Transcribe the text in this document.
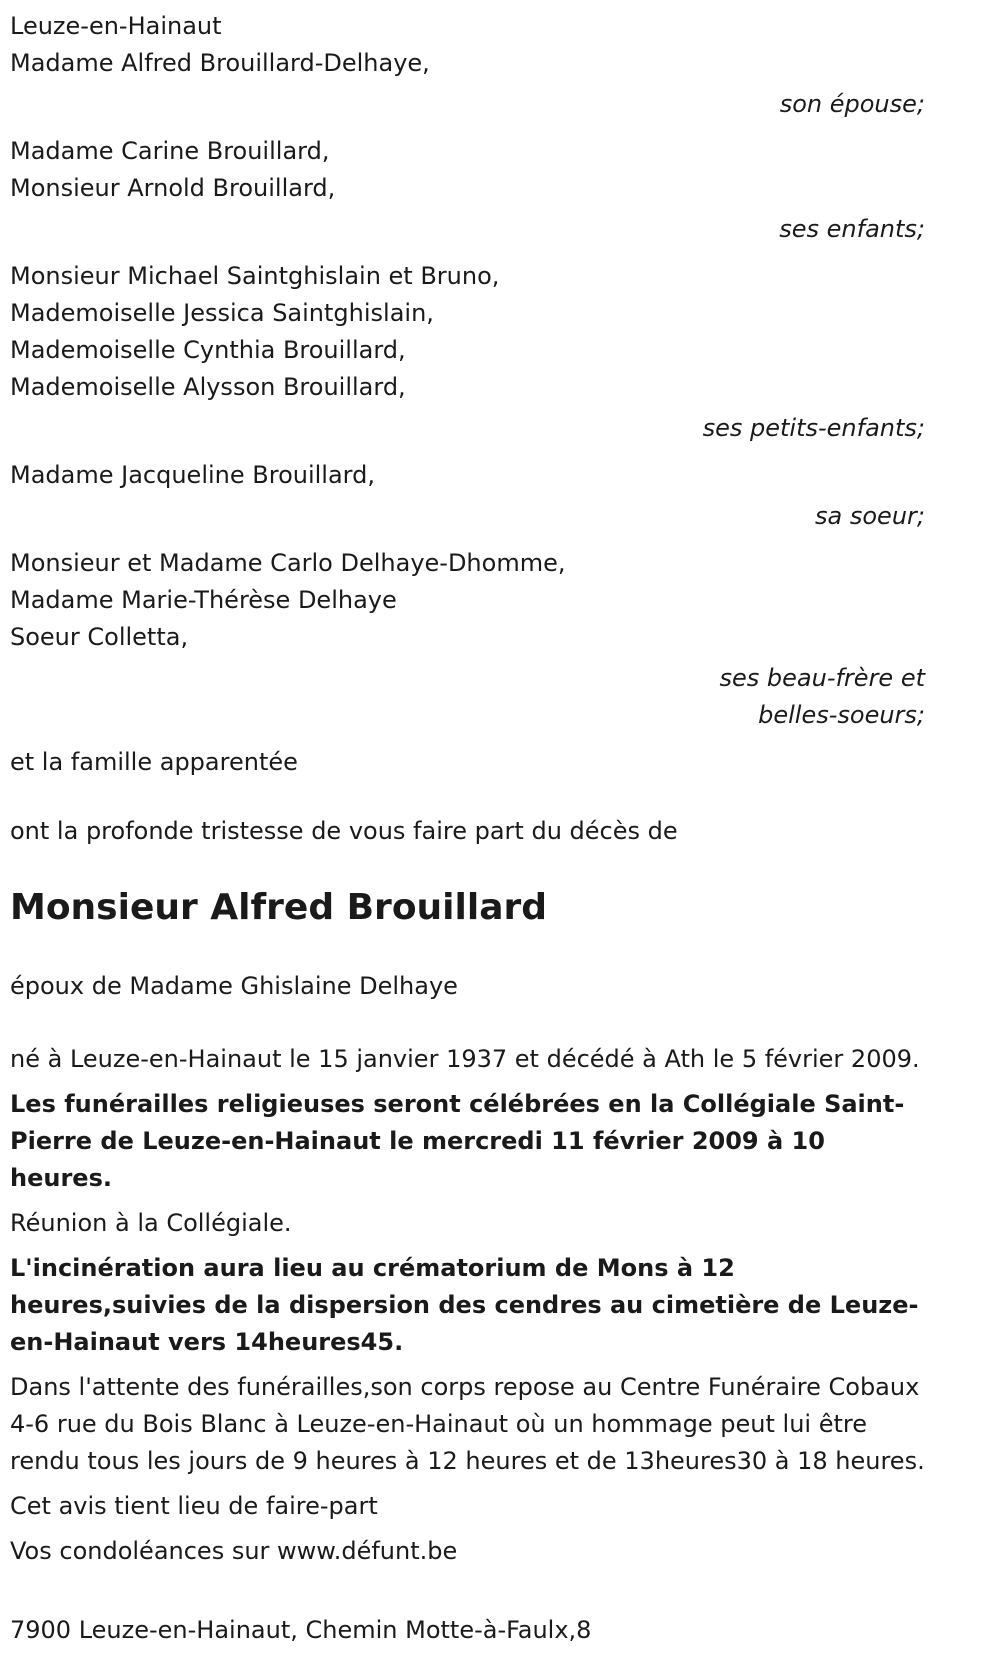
Leuze-en-Hainaut
Madame Alfred Brouillard-Delhaye,
son épouse;
Madame Carine Brouillard,
Monsieur Arnold Brouillard,
ses enfants;
Monsieur Michael Saintghislain et Bruno,
Mademoiselle Jessica Saintghislain,
Mademoiselle Cynthia Brouillard,
Mademoiselle Alysson Brouillard,
ses petits-enfants;
Madame Jacqueline Brouillard,
sa soeur;
Monsieur et Madame Carlo Delhaye-Dhomme,
Madame Marie-Thérèse Delhaye
Soeur Colletta,
ses beau-frère et
belles-soeurs;
et la famille apparentée
ont la profonde tristesse de vous faire part du décès de
Monsieur Alfred Brouillard
époux de Madame Ghislaine Delhaye
né à Leuze-en-Hainaut le 15 janvier 1937 et décédé à Ath le 5 février 2009.
Les funérailles religieuses seront célébrées en la Collégiale Saint-Pierre de Leuze-en-Hainaut le mercredi 11 février 2009 à 10 heures.
Réunion à la Collégiale.
L'incinération aura lieu au crématorium de Mons à 12 heures,suivies de la dispersion des cendres au cimetière de Leuze-en-Hainaut vers 14heures45.
Dans l'attente des funérailles,son corps repose au Centre Funéraire Cobaux 4-6 rue du Bois Blanc à Leuze-en-Hainaut où un hommage peut lui être rendu tous les jours de 9 heures à 12 heures et de 13heures30 à 18 heures.
Cet avis tient lieu de faire-part
Vos condoléances sur www.défunt.be
7900 Leuze-en-Hainaut, Chemin Motte-à-Faulx,8
